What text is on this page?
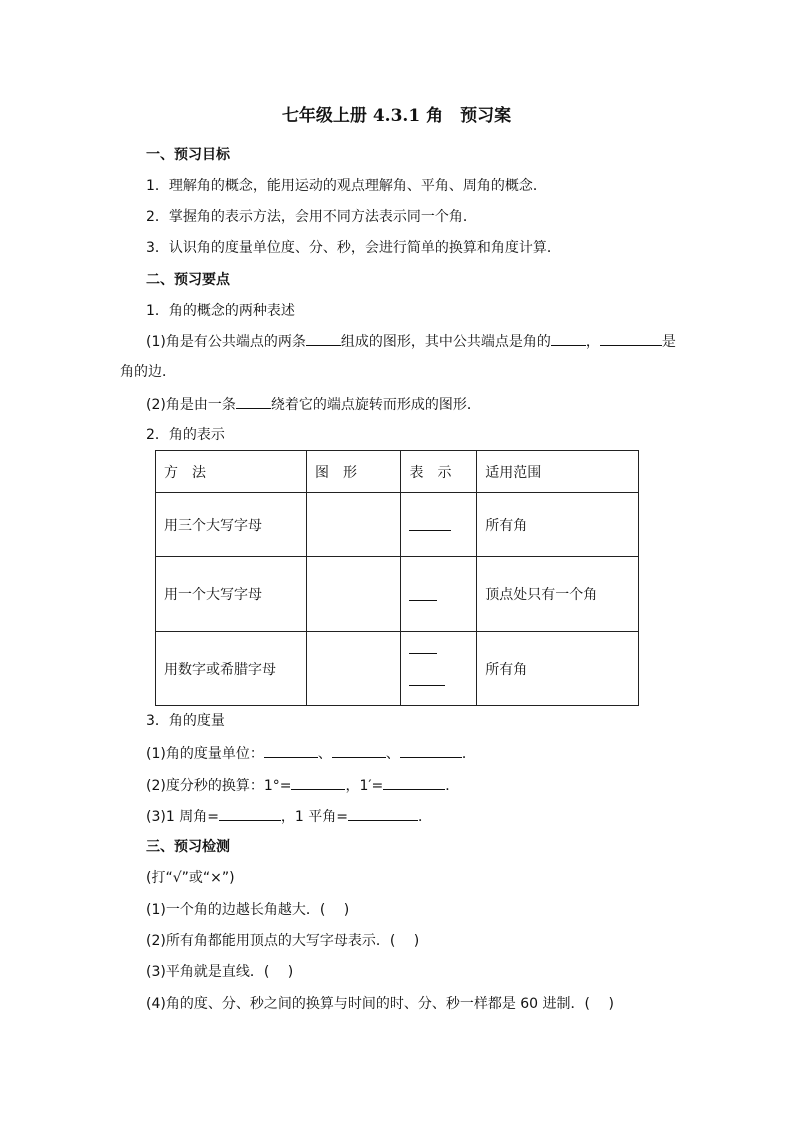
七年级上册 4.3.1 角　预习案
一、预习目标
1．理解角的概念，能用运动的观点理解角、平角、周角的概念．
2．掌握角的表示方法，会用不同方法表示同一个角．
3．认识角的度量单位度、分、秒，会进行简单的换算和角度计算．
二、预习要点
1．角的概念的两种表述
(1)角是有公共端点的两条	组成的图形，其中公共端点是角的	，	是
角的边．
(2)角是由一条	绕着它的端点旋转而形成的图形．
2．角的表示
方　法	图　形	表　示	适用范围
用三个大写字母			所有角
用一个大写字母			顶点处只有一个角
用数字或希腊字母			所有角
3．角的度量
(1)角的度量单位：	、	、	．
(2)度分秒的换算：1°=	，1′=	．
(3)1 周角=	，1 平角=	．
三、预习检测
(打“√”或“×”)
(1)一个角的边越长角越大．(　 )
(2)所有角都能用顶点的大写字母表示．(　 )
(3)平角就是直线．(　 )
(4)角的度、分、秒之间的换算与时间的时、分、秒一样都是 60 进制．(　 )
